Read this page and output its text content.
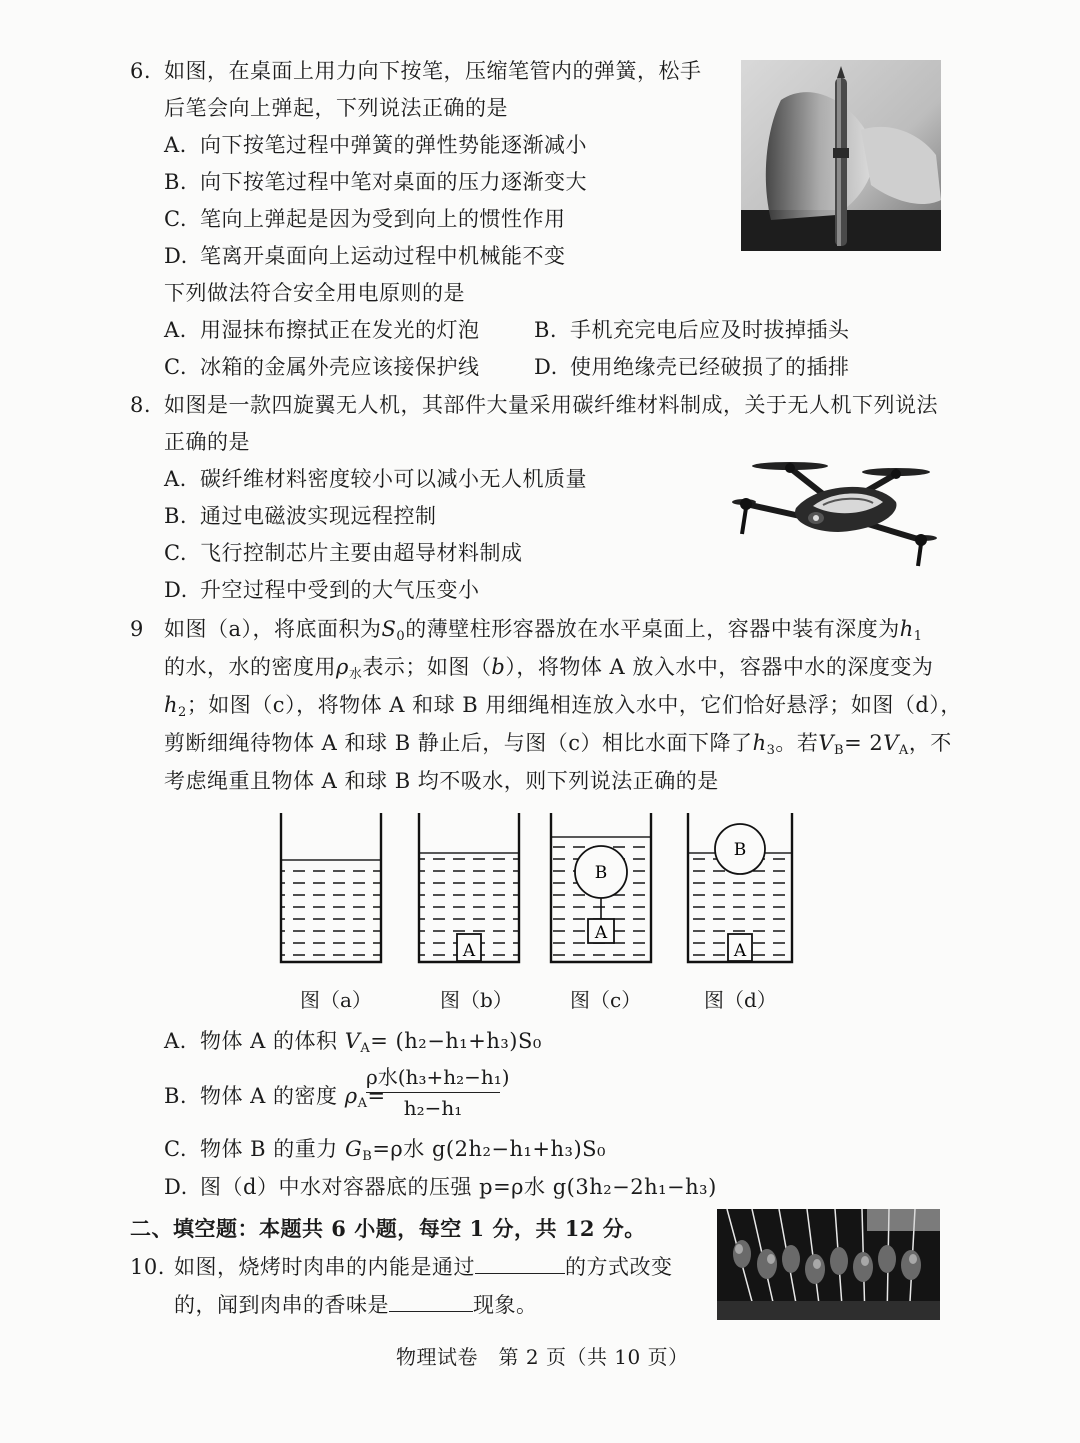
6. 如图，在桌面上用力向下按笔，压缩笔管内的弹簧，松手
后笔会向上弹起，下列说法正确的是
A. 向下按笔过程中弹簧的弹性势能逐渐减小
B. 向下按笔过程中笔对桌面的压力逐渐变大
C. 笔向上弹起是因为受到向上的惯性作用
D. 笔离开桌面向上运动过程中机械能不变
下列做法符合安全用电原则的是
A. 用湿抹布擦拭正在发光的灯泡	B. 手机充完电后应及时拔掉插头
C. 冰箱的金属外壳应该接保护线	D. 使用绝缘壳已经破损了的插排
8. 如图是一款四旋翼无人机，其部件大量采用碳纤维材料制成，关于无人机下列说法
正确的是
A. 碳纤维材料密度较小可以减小无人机质量
B. 通过电磁波实现远程控制
C. 飞行控制芯片主要由超导材料制成
D. 升空过程中受到的大气压变小
9 如图（a），将底面积为$S_0$的薄壁柱形容器放在水平桌面上，容器中装有深度为$h_1$
的水，水的密度用$\rho_水$表示；如图（b），将物体 A 放入水中，容器中水的深度变为
$h_2$；如图（c），将物体 A 和球 B 用细绳相连放入水中，它们恰好悬浮；如图（d），
剪断细绳待物体 A 和球 B 静止后，与图（c）相比水面下降了$h_3$。若$V_B= 2V_A$，不
考虑绳重且物体 A 和球 B 均不吸水，则下列说法正确的是
A
B
A
B
A
图（a）	图（b）	图（c）	图（d）
A. 物体 A 的体积 $V_A= (h_2-h_1+h_3)S_0$
B. 物体 A 的密度 $\rho_A=$
ρ水(h₃+h₂−h₁)
h₂−h₁
C. 物体 B 的重力 $G_B=\rho$水 g(2h₂−h₁+h₃)S₀
D. 图（d）中水对容器底的压强 p=ρ水 g(3h₂−2h₁−h₃)
二、填空题：本题共 6 小题，每空 1 分，共 12 分。
10. 如图，烧烤时肉串的内能是通过	的方式改变
的，闻到肉串的香味是	现象。
物理试卷　第 2 页（共 10 页）
